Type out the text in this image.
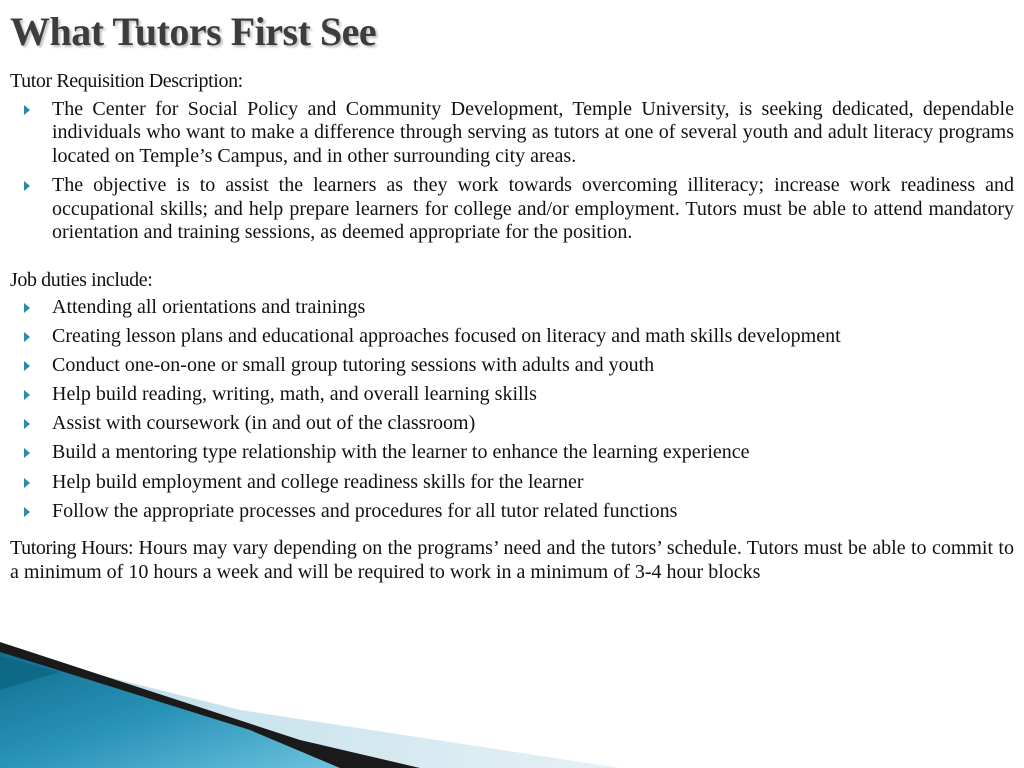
What Tutors First See
Tutor Requisition Description:
The Center for Social Policy and Community Development, Temple University, is seeking dedicated, dependable individuals who want to make a difference through serving as tutors at one of several youth and adult literacy programs located on Temple’s Campus, and in other surrounding city areas.
The objective is to assist the learners as they work towards overcoming illiteracy; increase work readiness and occupational skills; and help prepare learners for college and/or employment. Tutors must be able to attend mandatory orientation and training sessions, as deemed appropriate for the position.
Job duties include:
Attending all orientations and trainings
Creating lesson plans and educational approaches focused on literacy and math skills development
Conduct one-on-one or small group tutoring sessions with adults and youth
Help build reading, writing, math, and overall learning skills
Assist with coursework (in and out of the classroom)
Build a mentoring type relationship with the learner to enhance the learning experience
Help build employment and college readiness skills for the learner
Follow the appropriate processes and procedures for all tutor related functions
Tutoring Hours: Hours may vary depending on the programs’ need and the tutors’ schedule. Tutors must be able to commit to a minimum of 10 hours a week and will be required to work in a minimum of 3-4 hour blocks
